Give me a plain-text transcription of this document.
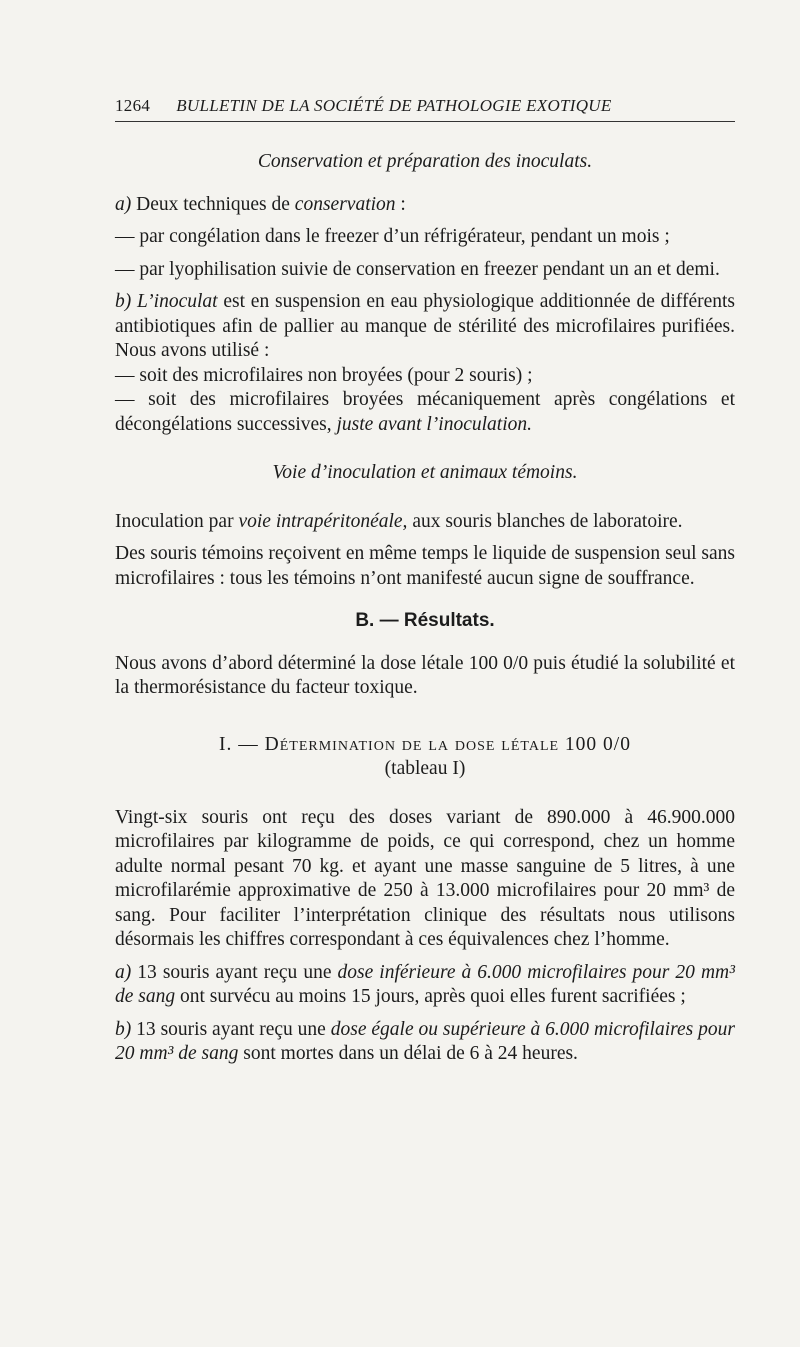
1264 BULLETIN DE LA SOCIÉTÉ DE PATHOLOGIE EXOTIQUE

Conservation et préparation des inoculats.

a) Deux techniques de conservation :

— par congélation dans le freezer d’un réfrigérateur, pendant un mois ;

— par lyophilisation suivie de conservation en freezer pendant un an et demi.

b) L’inoculat est en suspension en eau physiologique additionnée de différents antibiotiques afin de pallier au manque de stérilité des microfilaires purifiées. Nous avons utilisé :

— soit des microfilaires non broyées (pour 2 souris) ;

— soit des microfilaires broyées mécaniquement après congélations et décongélations successives, juste avant l’inoculation.

Voie d’inoculation et animaux témoins.

Inoculation par voie intrapéritonéale, aux souris blanches de laboratoire.

Des souris témoins reçoivent en même temps le liquide de suspension seul sans microfilaires : tous les témoins n’ont manifesté aucun signe de souffrance.

B. — Résultats.

Nous avons d’abord déterminé la dose létale 100 0/0 puis étudié la solubilité et la thermorésistance du facteur toxique.

I. — Détermination de la dose létale 100 0/0

(tableau I)

Vingt-six souris ont reçu des doses variant de 890.000 à 46.900.000 microfilaires par kilogramme de poids, ce qui correspond, chez un homme adulte normal pesant 70 kg. et ayant une masse sanguine de 5 litres, à une microfilarémie approximative de 250 à 13.000 microfilaires pour 20 mm³ de sang. Pour faciliter l’interprétation clinique des résultats nous utilisons désormais les chiffres correspondant à ces équivalences chez l’homme.

a) 13 souris ayant reçu une dose inférieure à 6.000 microfilaires pour 20 mm³ de sang ont survécu au moins 15 jours, après quoi elles furent sacrifiées ;

b) 13 souris ayant reçu une dose égale ou supérieure à 6.000 microfilaires pour 20 mm³ de sang sont mortes dans un délai de 6 à 24 heures.
